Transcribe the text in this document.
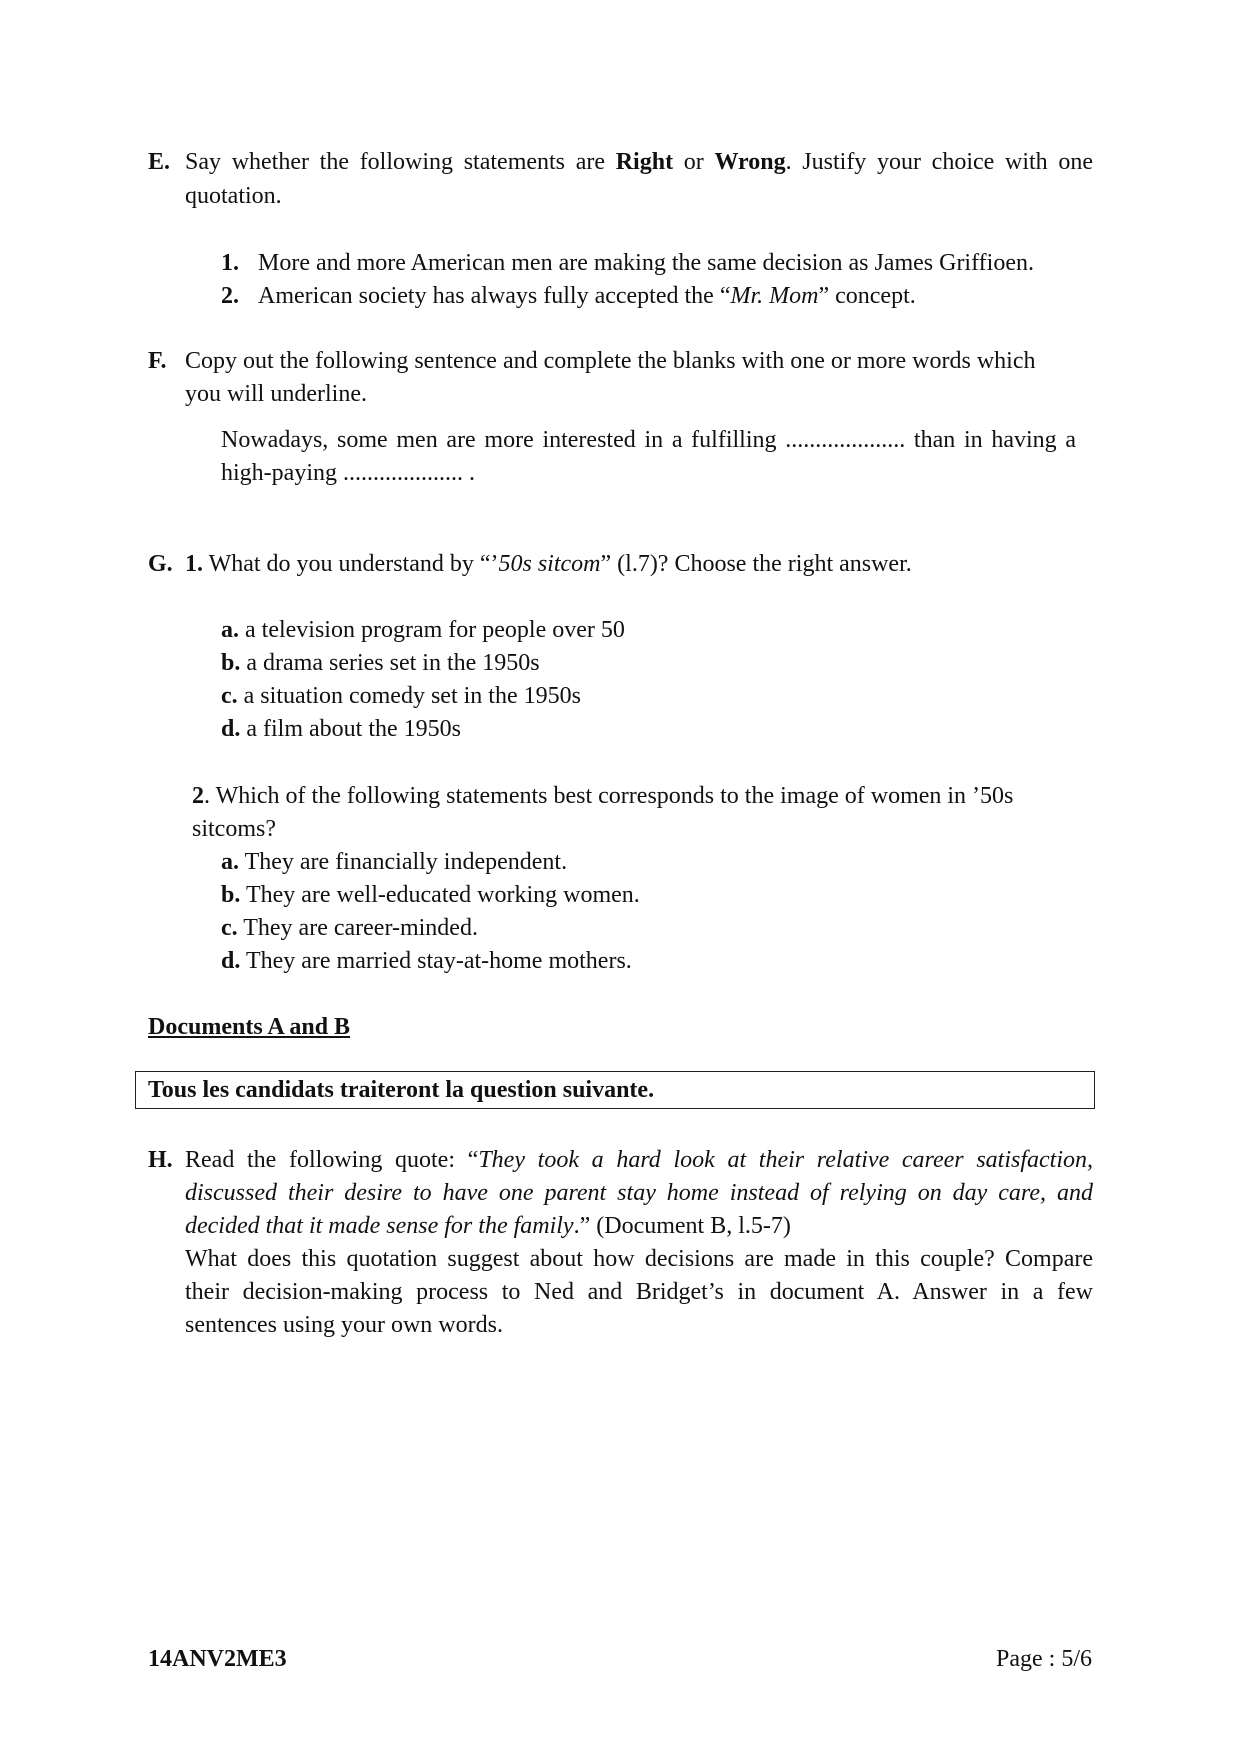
E. Say whether the following statements are Right or Wrong. Justify your choice with one
quotation.
1. More and more American men are making the same decision as James Griffioen.
2. American society has always fully accepted the “Mr. Mom” concept.
F. Copy out the following sentence and complete the blanks with one or more words which
you will underline.
Nowadays, some men are more interested in a fulfilling .................... than in having a
high-paying .................... .
G. 1. What do you understand by “’50s sitcom” (l.7)? Choose the right answer.
a. a television program for people over 50
b. a drama series set in the 1950s
c. a situation comedy set in the 1950s
d. a film about the 1950s
2. Which of the following statements best corresponds to the image of women in ’50s
sitcoms?
a. They are financially independent.
b. They are well-educated working women.
c. They are career-minded.
d. They are married stay-at-home mothers.
Documents A and B
Tous les candidats traiteront la question suivante.
H. Read the following quote: “They took a hard look at their relative career satisfaction,
discussed their desire to have one parent stay home instead of relying on day care, and
decided that it made sense for the family.” (Document B, l.5-7)
What does this quotation suggest about how decisions are made in this couple? Compare
their decision-making process to Ned and Bridget’s in document A. Answer in a few
sentences using your own words.
14ANV2ME3	Page : 5/6
